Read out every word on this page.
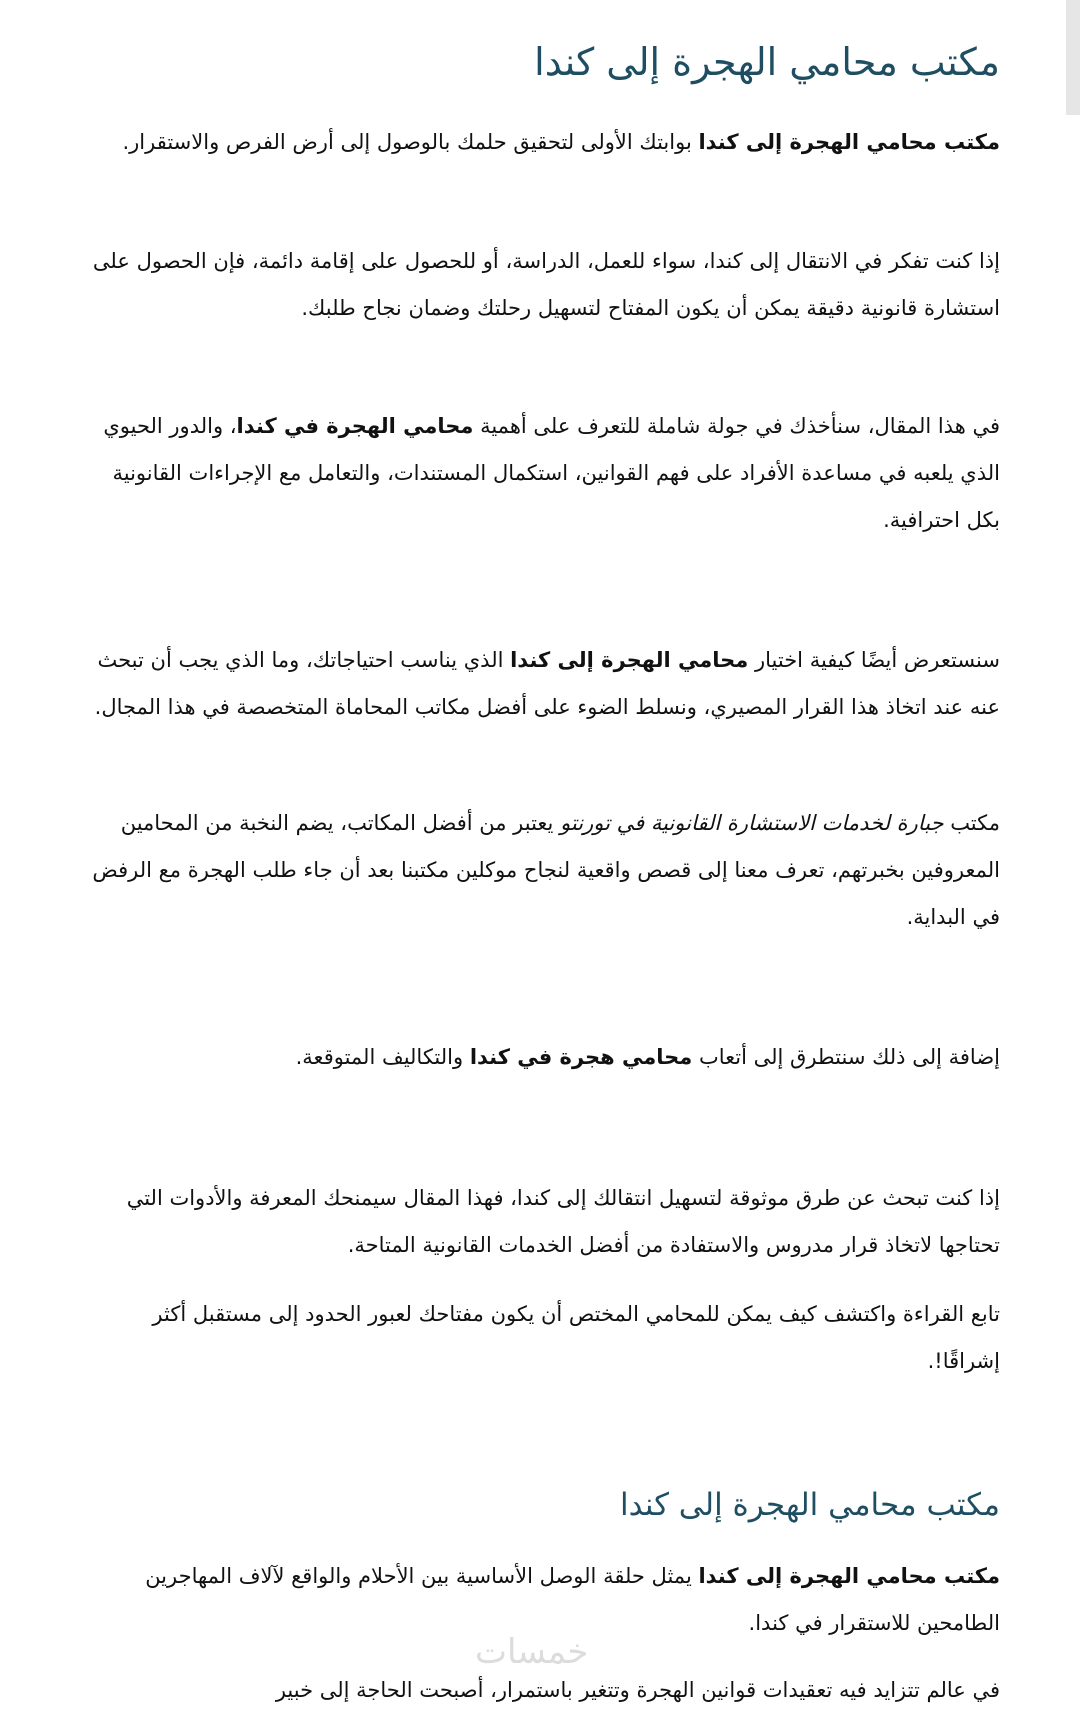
مكتب محامي الهجرة إلى كندا

مكتب محامي الهجرة إلى كندا بوابتك الأولى لتحقيق حلمك بالوصول إلى أرض الفرص والاستقرار.

إذا كنت تفكر في الانتقال إلى كندا، سواء للعمل، الدراسة، أو للحصول على إقامة دائمة، فإن الحصول على استشارة قانونية دقيقة يمكن أن يكون المفتاح لتسهيل رحلتك وضمان نجاح طلبك.

في هذا المقال، سنأخذك في جولة شاملة للتعرف على أهمية محامي الهجرة في كندا، والدور الحيوي الذي يلعبه في مساعدة الأفراد على فهم القوانين، استكمال المستندات، والتعامل مع الإجراءات القانونية بكل احترافية.

سنستعرض أيضًا كيفية اختيار محامي الهجرة إلى كندا الذي يناسب احتياجاتك، وما الذي يجب أن تبحث عنه عند اتخاذ هذا القرار المصيري، ونسلط الضوء على أفضل مكاتب المحاماة المتخصصة في هذا المجال.

مكتب جبارة لخدمات الاستشارة القانونية في تورنتو يعتبر من أفضل المكاتب، يضم النخبة من المحامين المعروفين بخبرتهم، تعرف معنا إلى قصص واقعية لنجاح موكلين مكتبنا بعد أن جاء طلب الهجرة مع الرفض في البداية.

إضافة إلى ذلك سنتطرق إلى أتعاب محامي هجرة في كندا والتكاليف المتوقعة.

إذا كنت تبحث عن طرق موثوقة لتسهيل انتقالك إلى كندا، فهذا المقال سيمنحك المعرفة والأدوات التي تحتاجها لاتخاذ قرار مدروس والاستفادة من أفضل الخدمات القانونية المتاحة.

تابع القراءة واكتشف كيف يمكن للمحامي المختص أن يكون مفتاحك لعبور الحدود إلى مستقبل أكثر إشراقًا!.

مكتب محامي الهجرة إلى كندا

مكتب محامي الهجرة إلى كندا يمثل حلقة الوصل الأساسية بين الأحلام والواقع لآلاف المهاجرين الطامحين للاستقرار في كندا.

في عالم تتزايد فيه تعقيدات قوانين الهجرة وتتغير باستمرار، أصبحت الحاجة إلى خبير

خمسات
